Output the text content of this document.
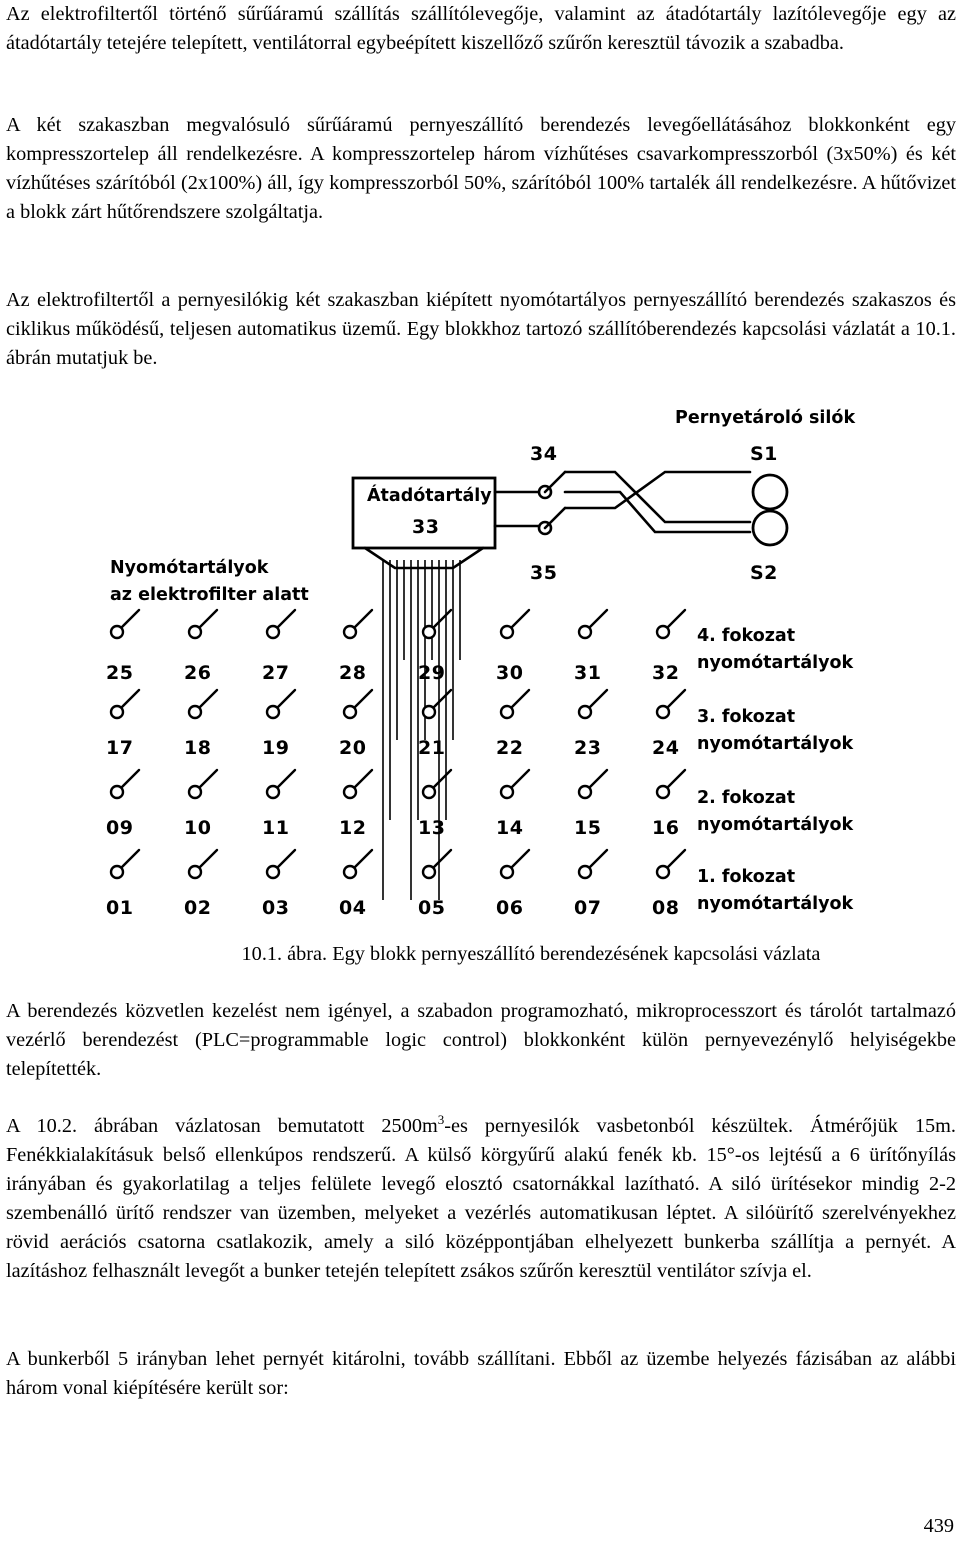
Az elektrofiltertől történő sűrűáramú szállítás szállítólevegője, valamint az átadótartály lazítólevegője egy az átadótartály tetejére telepített, ventilátorral egybeépített kiszellőző szűrőn keresztül távozik a szabadba.

A két szakaszban megvalósuló sűrűáramú pernyeszállító berendezés levegőellátásához blokkonként egy kompresszortelep áll rendelkezésre. A kompresszortelep három vízhűtéses csavarkompresszorból (3x50%) és két vízhűtéses szárítóból (2x100%) áll, így kompresszorból 50%, szárítóból 100% tartalék áll rendelkezésre. A hűtővizet a blokk zárt hűtőrendszere szolgáltatja.

Az elektrofiltertől a pernyesilókig két szakaszban kiépített nyomótartályos pernyeszállító berendezés szakaszos és ciklikus működésű, teljesen automatikus üzemű. Egy blokkhoz tartozó szállítóberendezés kapcsolási vázlatát a 10.1. ábrán mutatjuk be.

Pernyetároló silók
34	S1
Átadótartály
33
35	S2
Nyomótartályok
az elektrofilter alatt
4. fokozat
nyomótartályok
3. fokozat
nyomótartályok
2. fokozat
nyomótartályok
1. fokozat
nyomótartályok
25	26	27	28	29	30	31	32
17	18	19	20	21	22	23	24
09	10	11	12	13	14	15	16
01	02	03	04	05	06	07	08

10.1. ábra. Egy blokk pernyeszállító berendezésének kapcsolási vázlata

A berendezés közvetlen kezelést nem igényel, a szabadon programozható, mikroprocesszort és tárolót tartalmazó vezérlő berendezést (PLC=programmable logic control) blokkonként külön pernyevezénylő helyiségekbe telepítették.

A 10.2. ábrában vázlatosan bemutatott $2500m^3-es$ pernyesilók vasbetonból készültek. Átmérőjük 15m. Fenékkialakításuk belső ellenkúpos rendszerű. A külső körgyűrű alakú fenék kb. 15°-os lejtésű a 6 ürítőnyílás irányában és gyakorlatilag a teljes felülete levegő elosztó csatornákkal lazítható. A siló ürítésekor mindig 2-2 szembenálló ürítő rendszer van üzemben, melyeket a vezérlés automatikusan léptet. A silóürítő szerelvényekhez rövid aerációs csatorna csatlakozik, amely a siló középpontjában elhelyezett bunkerba szállítja a pernyét. A lazításhoz felhasznált levegőt a bunker tetején telepített zsákos szűrőn keresztül ventilátor szívja el.

A bunkerből 5 irányban lehet pernyét kitárolni, tovább szállítani. Ebből az üzembe helyezés fázisában az alábbi három vonal kiépítésére került sor:

439
